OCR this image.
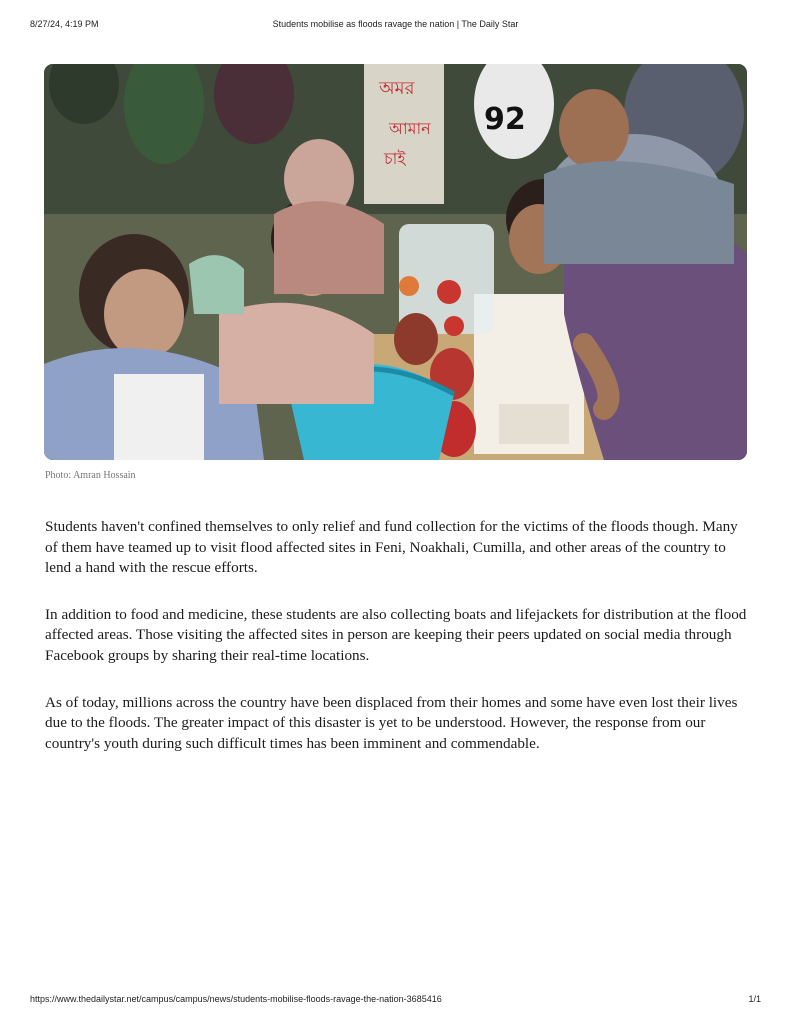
8/27/24, 4:19 PM	Students mobilise as floods ravage the nation | The Daily Star
অমর
আমান
চাই
92
Photo: Amran Hossain

Students haven't confined themselves to only relief and fund collection for the victims of the floods though. Many of them have teamed up to visit flood affected sites in Feni, Noakhali, Cumilla, and other areas of the country to lend a hand with the rescue efforts.

In addition to food and medicine, these students are also collecting boats and lifejackets for distribution at the flood affected areas. Those visiting the affected sites in person are keeping their peers updated on social media through Facebook groups by sharing their real-time locations.

As of today, millions across the country have been displaced from their homes and some have even lost their lives due to the floods. The greater impact of this disaster is yet to be understood. However, the response from our country's youth during such difficult times has been imminent and commendable.

https://www.thedailystar.net/campus/campus/news/students-mobilise-floods-ravage-the-nation-3685416	1/1
